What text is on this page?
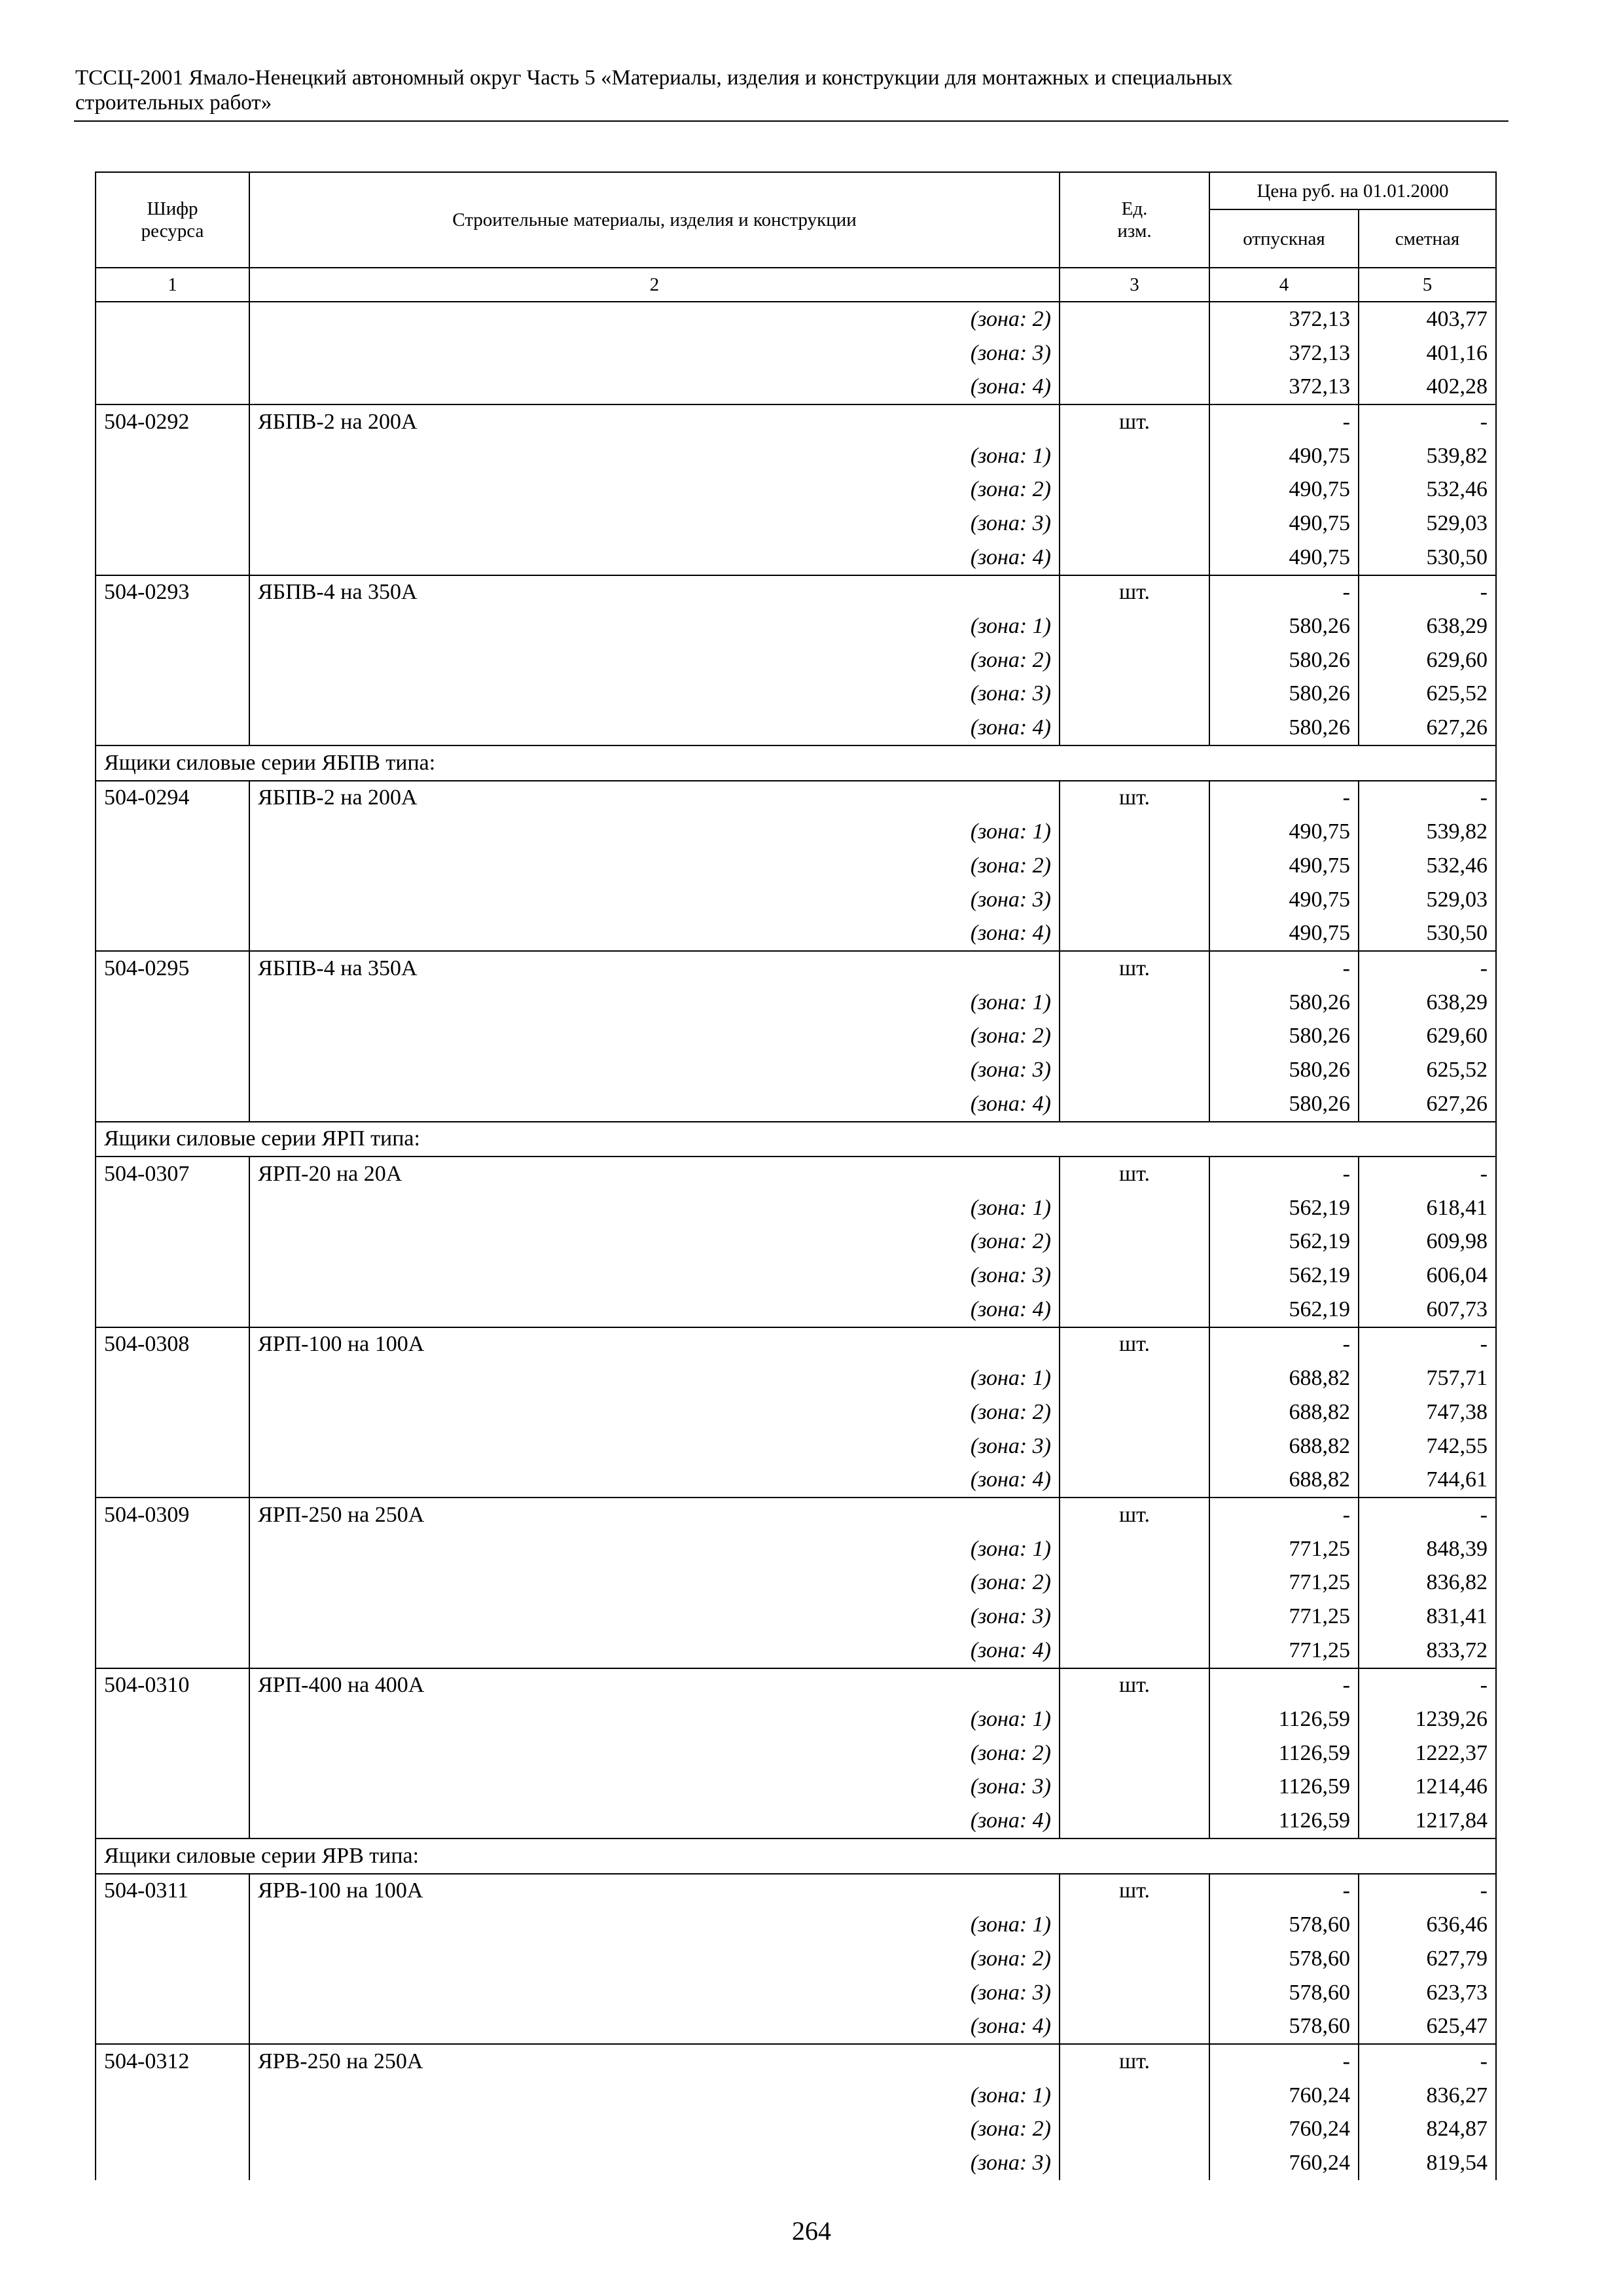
ТССЦ-2001 Ямало-Ненецкий автономный округ Часть 5 «Материалы, изделия и конструкции для монтажных и специальных
строительных работ»
Шифр ресурса	Строительные материалы, изделия и конструкции	Ед. изм.	Цена руб. на 01.01.2000	
			отпускная	сметная
1	2	3	4	5
	(зона: 2)		372,13	403,77
	(зона: 3)		372,13	401,16
	(зона: 4)		372,13	402,28
504-0292	ЯБПВ-2 на 200А	шт.	-	-
	(зона: 1)		490,75	539,82
	(зона: 2)		490,75	532,46
	(зона: 3)		490,75	529,03
	(зона: 4)		490,75	530,50
504-0293	ЯБПВ-4 на 350А	шт.	-	-
	(зона: 1)		580,26	638,29
	(зона: 2)		580,26	629,60
	(зона: 3)		580,26	625,52
	(зона: 4)		580,26	627,26
Ящики силовые серии ЯБПВ типа:				
504-0294	ЯБПВ-2 на 200А	шт.	-	-
	(зона: 1)		490,75	539,82
	(зона: 2)		490,75	532,46
	(зона: 3)		490,75	529,03
	(зона: 4)		490,75	530,50
504-0295	ЯБПВ-4 на 350А	шт.	-	-
	(зона: 1)		580,26	638,29
	(зона: 2)		580,26	629,60
	(зона: 3)		580,26	625,52
	(зона: 4)		580,26	627,26
Ящики силовые серии ЯРП типа:				
504-0307	ЯРП-20 на 20А	шт.	-	-
	(зона: 1)		562,19	618,41
	(зона: 2)		562,19	609,98
	(зона: 3)		562,19	606,04
	(зона: 4)		562,19	607,73
504-0308	ЯРП-100 на 100А	шт.	-	-
	(зона: 1)		688,82	757,71
	(зона: 2)		688,82	747,38
	(зона: 3)		688,82	742,55
	(зона: 4)		688,82	744,61
504-0309	ЯРП-250 на 250А	шт.	-	-
	(зона: 1)		771,25	848,39
	(зона: 2)		771,25	836,82
	(зона: 3)		771,25	831,41
	(зона: 4)		771,25	833,72
504-0310	ЯРП-400 на 400А	шт.	-	-
	(зона: 1)		1126,59	1239,26
	(зона: 2)		1126,59	1222,37
	(зона: 3)		1126,59	1214,46
	(зона: 4)		1126,59	1217,84
Ящики силовые серии ЯРВ типа:				
504-0311	ЯРВ-100 на 100А	шт.	-	-
	(зона: 1)		578,60	636,46
	(зона: 2)		578,60	627,79
	(зона: 3)		578,60	623,73
	(зона: 4)		578,60	625,47
504-0312	ЯРВ-250 на 250А	шт.	-	-
	(зона: 1)		760,24	836,27
	(зона: 2)		760,24	824,87
	(зона: 3)		760,24	819,54
264
